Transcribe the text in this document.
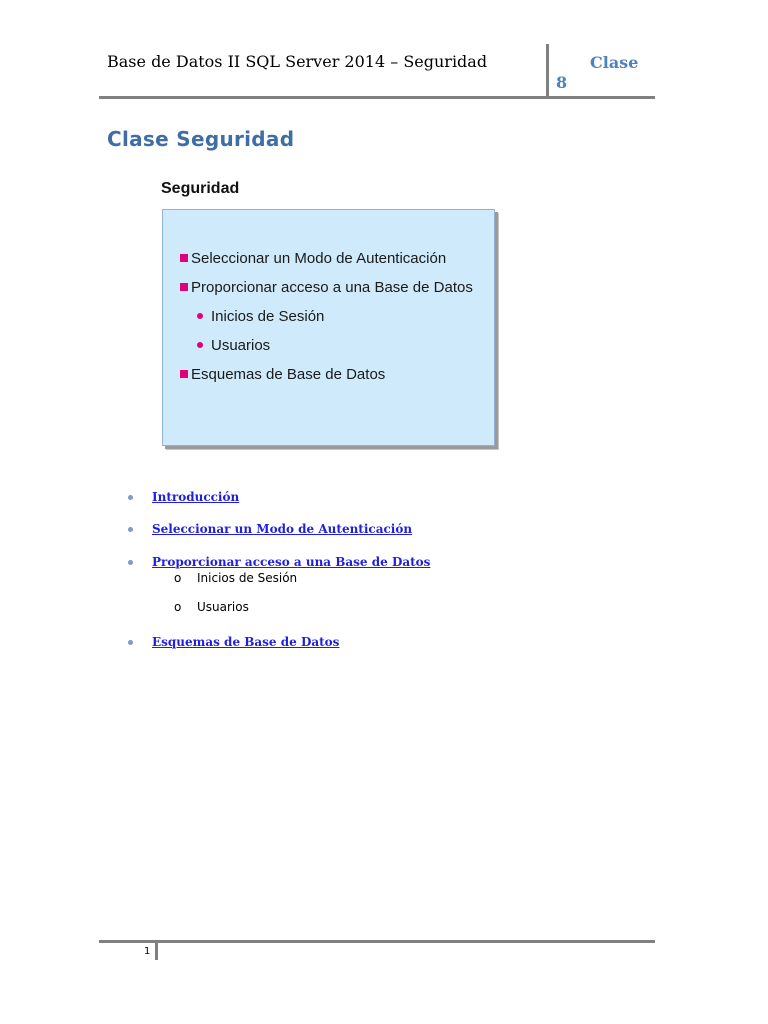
Base de Datos II SQL Server 2014 – Seguridad	Clase
8
Clase Seguridad
Seguridad
Seleccionar un Modo de Autenticación
Proporcionar acceso a una Base de Datos
Inicios de Sesión
Usuarios
Esquemas de Base de Datos
Introducción
Seleccionar un Modo de Autenticación
Proporcionar acceso a una Base de Datos
o Inicios de Sesión
o Usuarios
Esquemas de Base de Datos
1
